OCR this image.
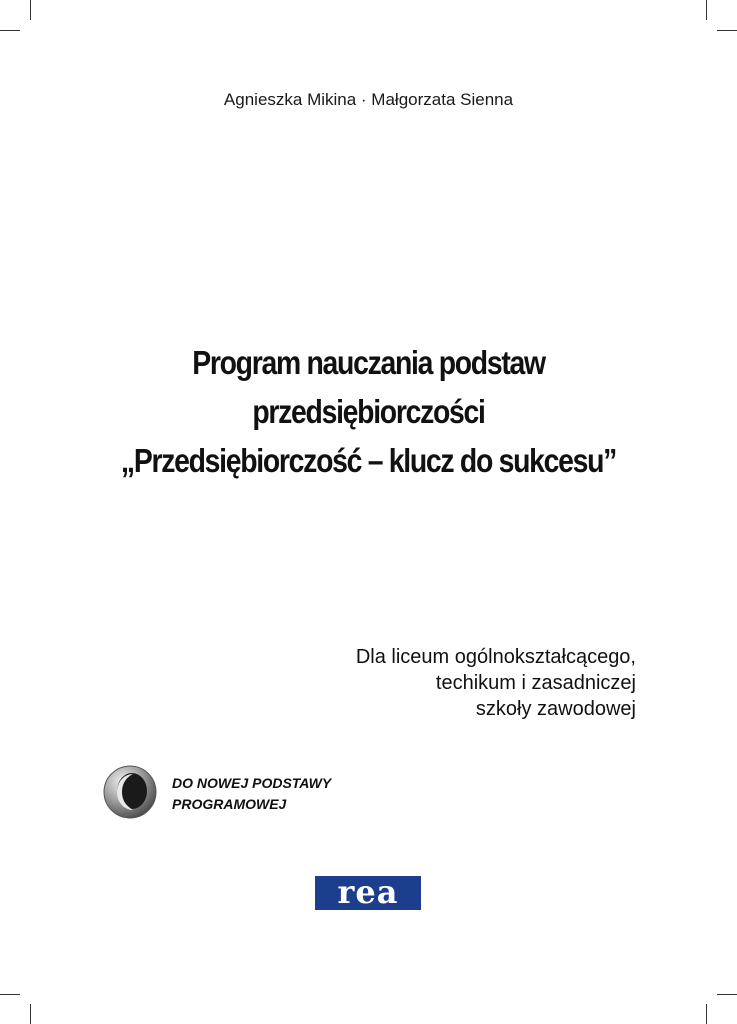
Agnieszka Mikina · Małgorzata Sienna
Program nauczania podstaw
przedsiębiorczości
„Przedsiębiorczość – klucz do sukcesu”
Dla liceum ogólnokształcącego,
techikum i zasadniczej
szkoły zawodowej
DO NOWEJ PODSTAWY
PROGRAMOWEJ
rea
